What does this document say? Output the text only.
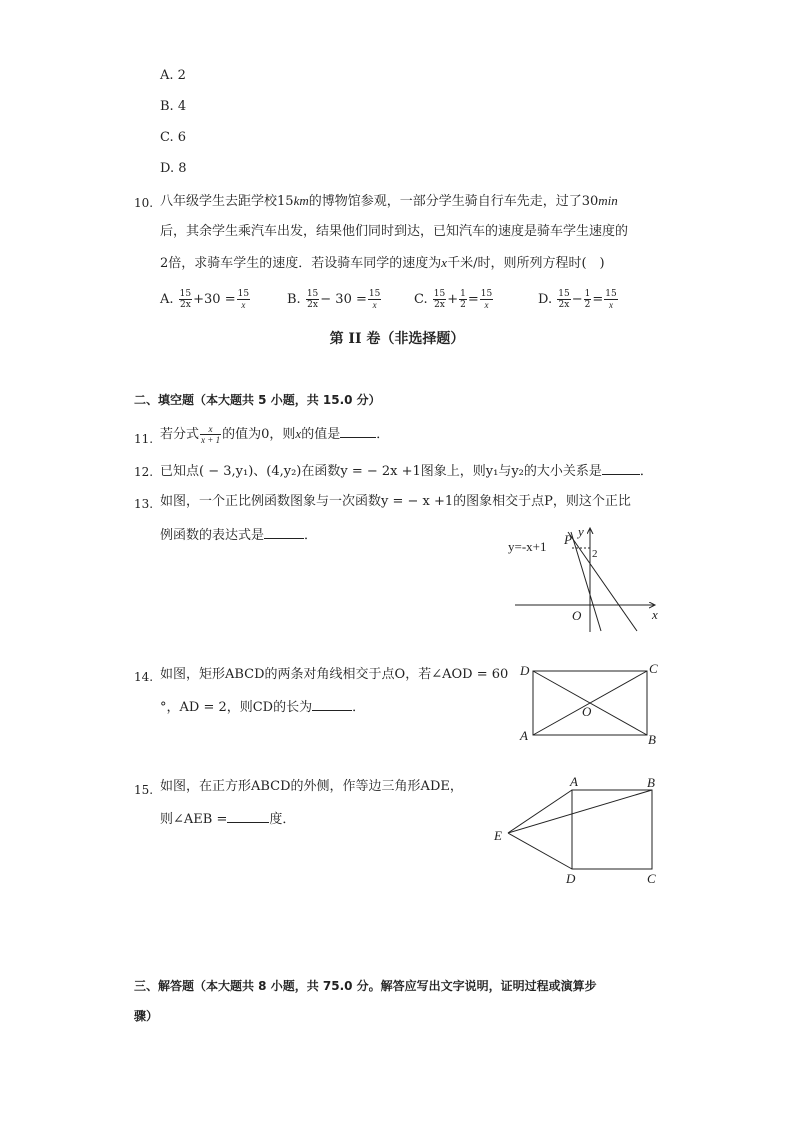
A. 2
B. 4
C. 6
D. 8
10. 八年级学生去距学校15km的博物馆参观，一部分学生骑自行车先走，过了30min
后，其余学生乘汽车出发，结果他们同时到达，已知汽车的速度是骑车学生速度的
2倍，求骑车学生的速度．若设骑车同学的速度为x千米/时，则所列方程时(　)
A. $\frac{15}{2x} +30 = \frac{15}{x}$	B. $\frac{15}{2x} - 30 = \frac{15}{x}$	C. $\frac{15}{2x} + \frac{1}{2} = \frac{15}{x}$	D. $\frac{15}{2x} - \frac{1}{2} = \frac{15}{x}$
第 II 卷（非选择题）
二、填空题（本大题共 5 小题，共 15.0 分）
11. 若分式 $\frac{x}{x + 1}$ 的值为0，则x的值是	．
12. 已知点( − 3,y₁)、(4,y₂)在函数y = − 2x +1图象上，则y₁与y₂的大小关系是	．
13. 如图，一个正比例函数图象与一次函数y = − x +1的图象相交于点P，则这个正比
例函数的表达式是	．
y=-x+1 P
2
O	x
y
14. 如图，矩形ABCD的两条对角线相交于点O，若∠AOD = 60
°，AD = 2，则CD的长为	．
D	C
A	B
O
15. 如图，在正方形ABCD的外侧，作等边三角形ADE，
则∠AEB =	度．
A	B
E
D	C
三、解答题（本大题共 8 小题，共 75.0 分。解答应写出文字说明，证明过程或演算步
骤）
